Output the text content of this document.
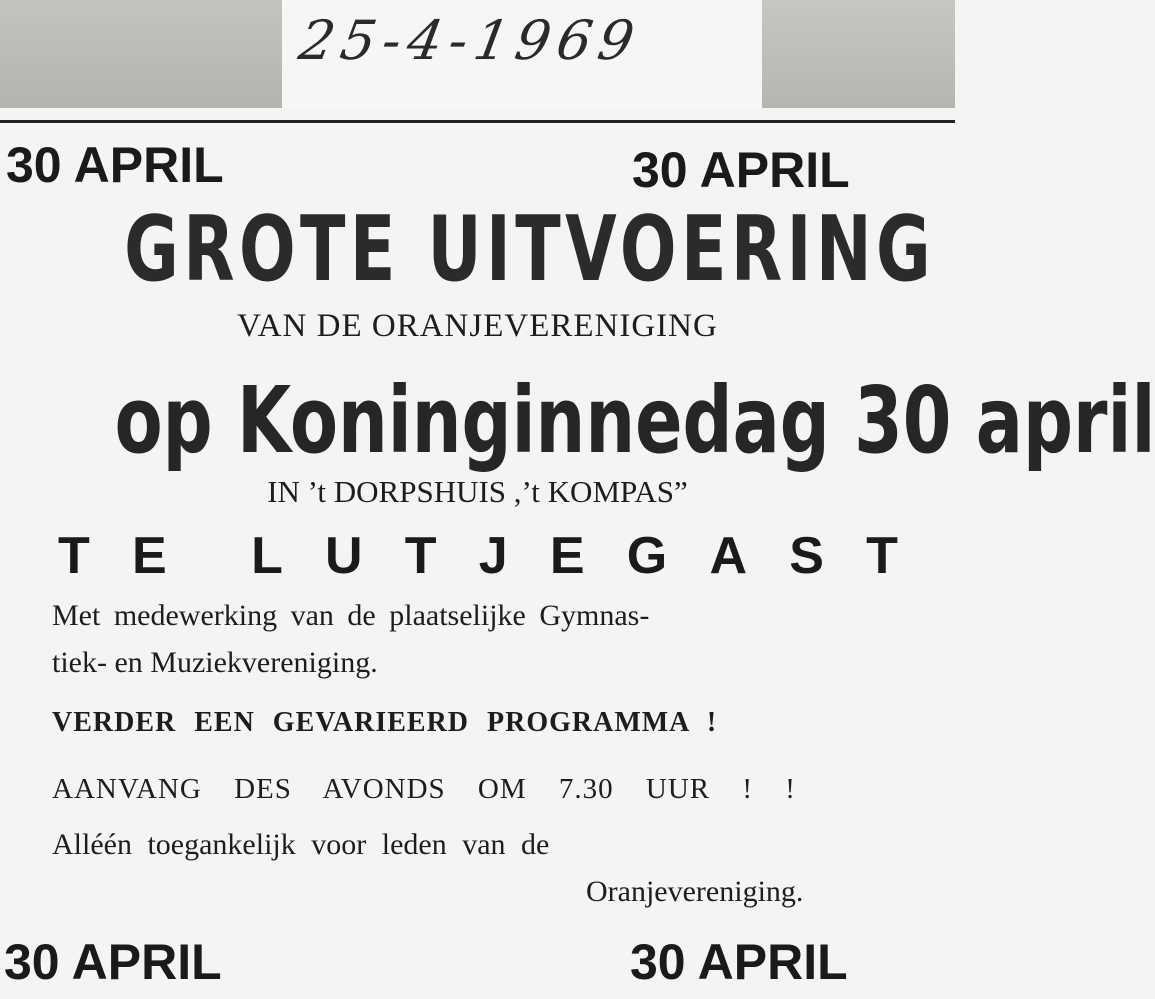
25-4-1969
30 APRIL	30 APRIL
GROTE UITVOERING
VAN DE ORANJEVERENIGING
op Koninginnedag 30 april
IN ’t DORPSHUIS ,’t KOMPAS”
T E L U T J E G A S T
Met medewerking van de plaatselijke Gymnas-
tiek- en Muziekvereniging.
VERDER EEN GEVARIEERD PROGRAMMA !
AANVANG DES AVONDS OM 7.30 UUR ! !
Alléén toegankelijk voor leden van de
Oranjevereniging.
30 APRIL	30 APRIL
